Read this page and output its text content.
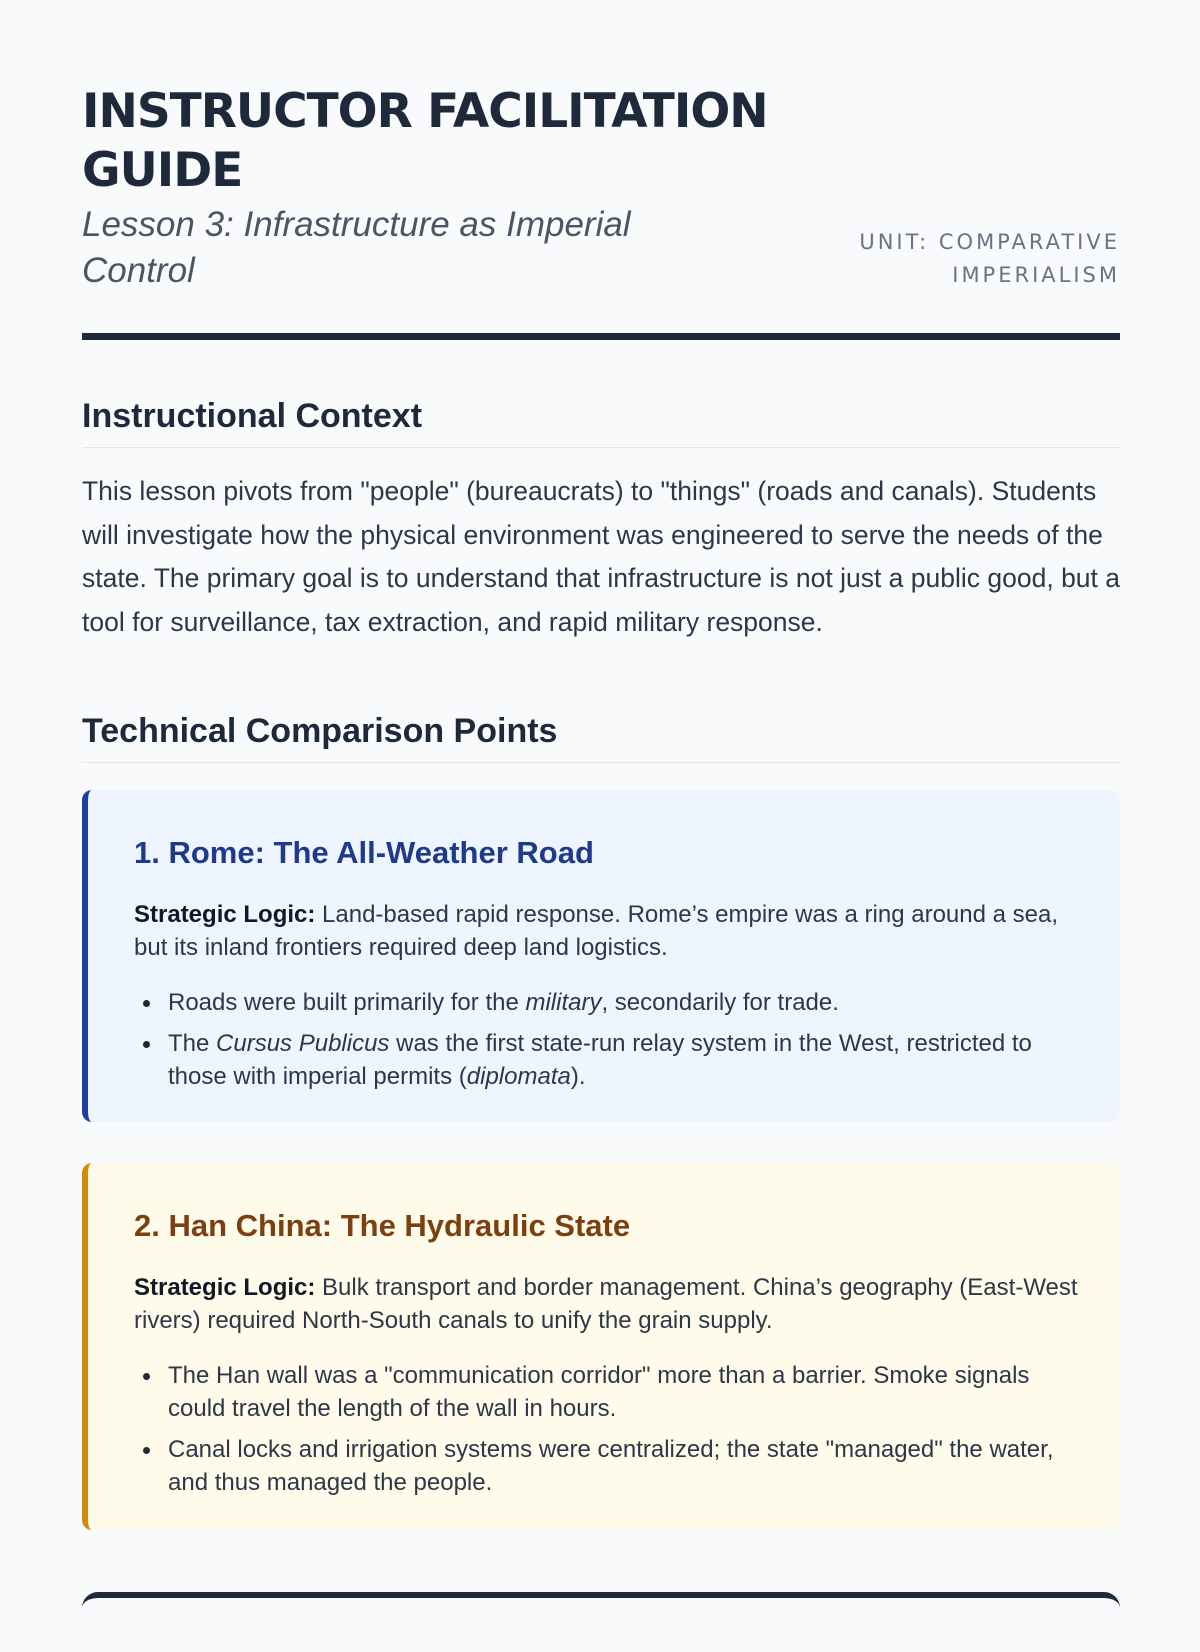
INSTRUCTOR FACILITATION GUIDE

Lesson 3: Infrastructure as Imperial Control

UNIT: COMPARATIVE IMPERIALISM
Instructional Context

This lesson pivots from "people" (bureaucrats) to "things" (roads and canals). Students will investigate how the physical environment was engineered to serve the needs of the state. The primary goal is to understand that infrastructure is not just a public good, but a tool for surveillance, tax extraction, and rapid military response.

Technical Comparison Points
1. Rome: The All-Weather Road

Strategic Logic: Land-based rapid response. Rome’s empire was a ring around a sea, but its inland frontiers required deep land logistics.

Roads were built primarily for the military, secondarily for trade.
The Cursus Publicus was the first state-run relay system in the West, restricted to those with imperial permits (diplomata).
2. Han China: The Hydraulic State

Strategic Logic: Bulk transport and border management. China’s geography (East-West rivers) required North-South canals to unify the grain supply.

The Han wall was a "communication corridor" more than a barrier. Smoke signals could travel the length of the wall in hours.
Canal locks and irrigation systems were centralized; the state "managed" the water, and thus managed the people.
